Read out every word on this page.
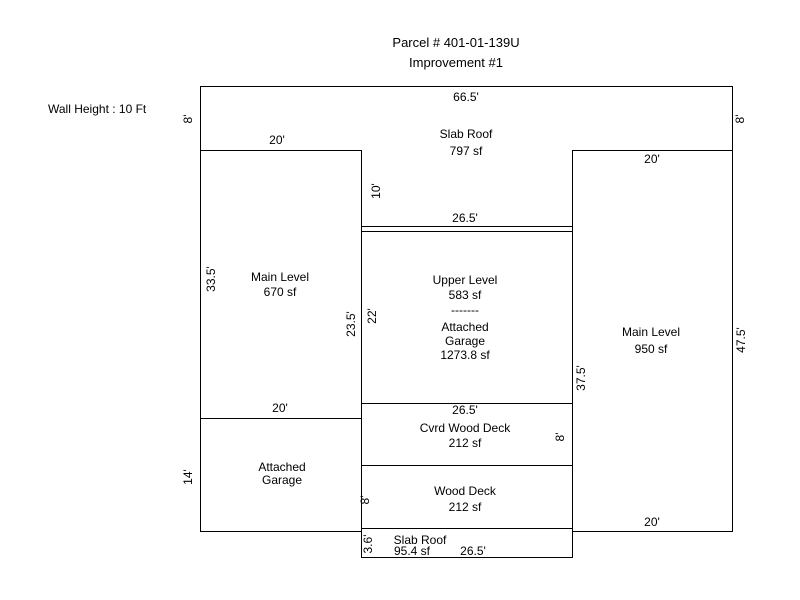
Parcel # 401-01-139U
Improvement #1
Wall Height : 10 Ft
66.5'
Slab Roof
797 sf
8'	8'
20'
20'
10'
26.5'
Main Level
670 sf
33.5'
23.5'
20'
Upper Level
583 sf
-------
Attached
Garage
1273.8 sf
22'
Main Level
950 sf
37.5'
47.5'
20'
Attached
Garage
14'
26.5'
Cvrd Wood Deck
212 sf	8'
Wood Deck
212 sf
8'
3.6' Slab Roof
95.4 sf	26.5'
